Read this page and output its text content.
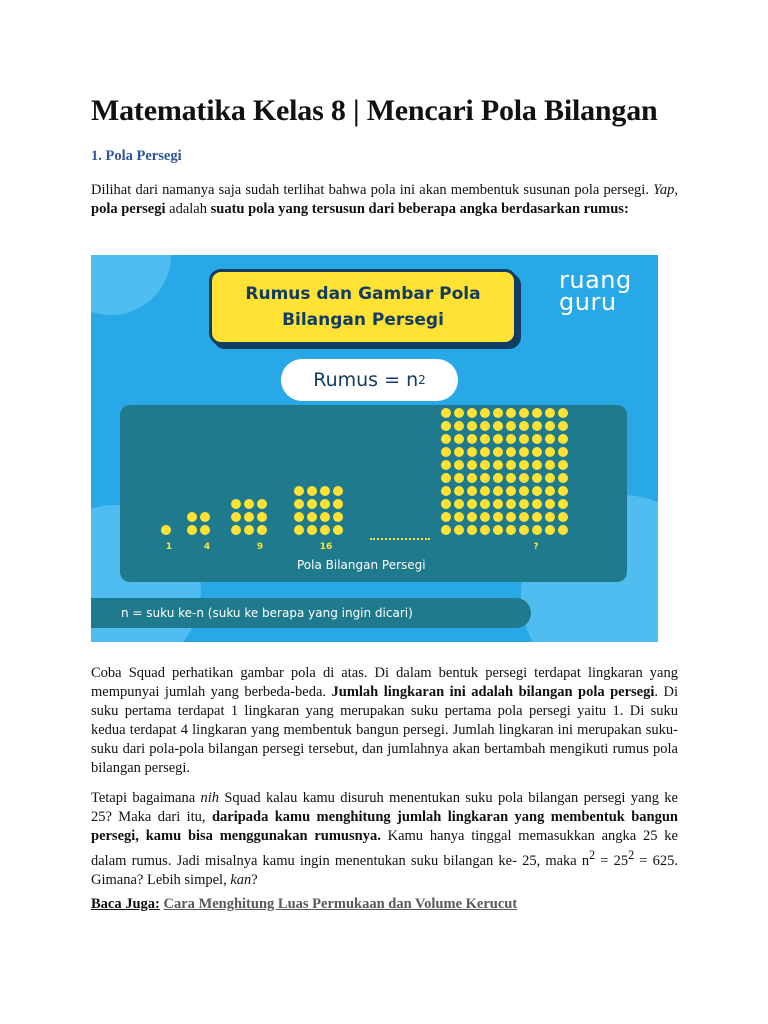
Matematika Kelas 8 | Mencari Pola Bilangan
1. Pola Persegi

Dilihat dari namanya saja sudah terlihat bahwa pola ini akan membentuk susunan pola persegi. Yap, pola persegi adalah suatu pola yang tersusun dari beberapa angka berdasarkan rumus:

Rumus dan Gambar Pola
Bilangan Persegi
ruang
guru
Rumus = n 2
1	4	9	16	?
Pola Bilangan Persegi
n = suku ke-n (suku ke berapa yang ingin dicari)

Coba Squad perhatikan gambar pola di atas. Di dalam bentuk persegi terdapat lingkaran yang mempunyai jumlah yang berbeda-beda. Jumlah lingkaran ini adalah bilangan pola persegi. Di suku pertama terdapat 1 lingkaran yang merupakan suku pertama pola persegi yaitu 1. Di suku kedua terdapat 4 lingkaran yang membentuk bangun persegi. Jumlah lingkaran ini merupakan suku-suku dari pola-pola bilangan persegi tersebut, dan jumlahnya akan bertambah mengikuti rumus pola bilangan persegi.

Tetapi bagaimana nih Squad kalau kamu disuruh menentukan suku pola bilangan persegi yang ke 25? Maka dari itu, daripada kamu menghitung jumlah lingkaran yang membentuk bangun persegi, kamu bisa menggunakan rumusnya. Kamu hanya tinggal memasukkan angka 25 ke dalam rumus. Jadi misalnya kamu ingin menentukan suku bilangan ke- 25, maka $n^2 = 25^2 = 625$. Gimana? Lebih simpel, kan?

Baca Juga: Cara Menghitung Luas Permukaan dan Volume Kerucut
